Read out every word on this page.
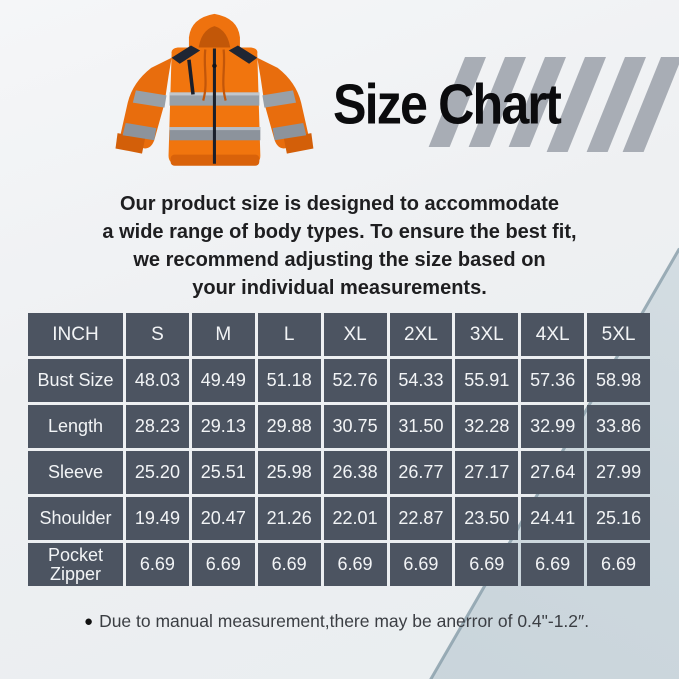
Size Chart
Our product size is designed to accommodate
a wide range of body types. To ensure the best fit,
we recommend adjusting the size based on
your individual measurements.
INCH	S	M	L	XL	2XL	3XL	4XL	5XL
Bust Size	48.03	49.49	51.18	52.76	54.33	55.91	57.36	58.98
Length	28.23	29.13	29.88	30.75	31.50	32.28	32.99	33.86
Sleeve	25.20	25.51	25.98	26.38	26.77	27.17	27.64	27.99
Shoulder	19.49	20.47	21.26	22.01	22.87	23.50	24.41	25.16
Pocket Zipper	6.69	6.69	6.69	6.69	6.69	6.69	6.69	6.69
● Due to manual measurement,there may be anerror of 0.4"-1.2″.
